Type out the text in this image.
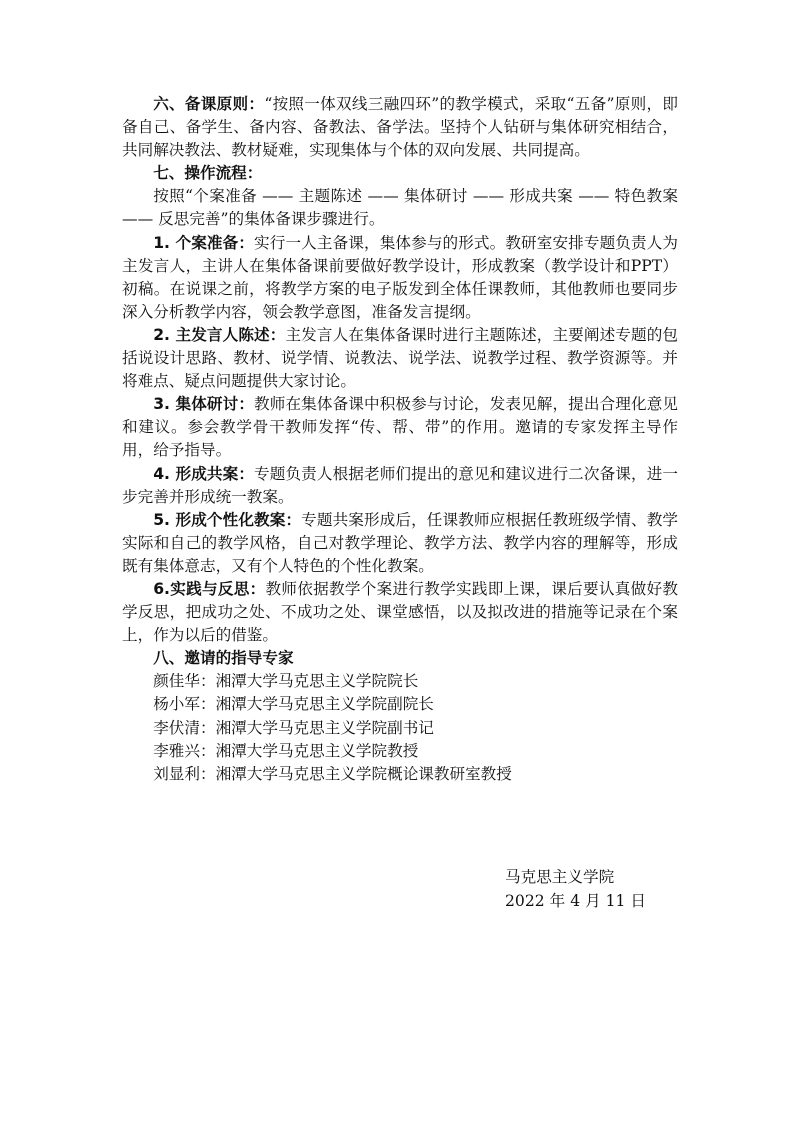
六、备课原则：“按照一体双线三融四环”的教学模式，采取“五备”原则，即备自己、备学生、备内容、备教法、备学法。坚持个人钻研与集体研究相结合，共同解决教法、教材疑难，实现集体与个体的双向发展、共同提高。

七、操作流程：

按照“个案准备 —— 主题陈述 —— 集体研讨 —— 形成共案 —— 特色教案 —— 反思完善”的集体备课步骤进行。

1. 个案准备：实行一人主备课，集体参与的形式。教研室安排专题负责人为主发言人，主讲人在集体备课前要做好教学设计，形成教案（教学设计和PPT）初稿。在说课之前，将教学方案的电子版发到全体任课教师，其他教师也要同步深入分析教学内容，领会教学意图，准备发言提纲。

2. 主发言人陈述：主发言人在集体备课时进行主题陈述，主要阐述专题的包括说设计思路、教材、说学情、说教法、说学法、说教学过程、教学资源等。并将难点、疑点问题提供大家讨论。

3. 集体研讨：教师在集体备课中积极参与讨论，发表见解，提出合理化意见和建议。参会教学骨干教师发挥“传、帮、带”的作用。邀请的专家发挥主导作用，给予指导。

4. 形成共案：专题负责人根据老师们提出的意见和建议进行二次备课，进一步完善并形成统一教案。

5. 形成个性化教案：专题共案形成后，任课教师应根据任教班级学情、教学实际和自己的教学风格，自己对教学理论、教学方法、教学内容的理解等，形成既有集体意志，又有个人特色的个性化教案。

6.实践与反思：教师依据教学个案进行教学实践即上课，课后要认真做好教学反思，把成功之处、不成功之处、课堂感悟，以及拟改进的措施等记录在个案上，作为以后的借鉴。

八、邀请的指导专家

颜佳华：湘潭大学马克思主义学院院长
杨小军：湘潭大学马克思主义学院副院长
李伏清：湘潭大学马克思主义学院副书记
李雅兴：湘潭大学马克思主义学院教授
刘显利：湘潭大学马克思主义学院概论课教研室教授
马克思主义学院
2022 年 4 月 11 日
